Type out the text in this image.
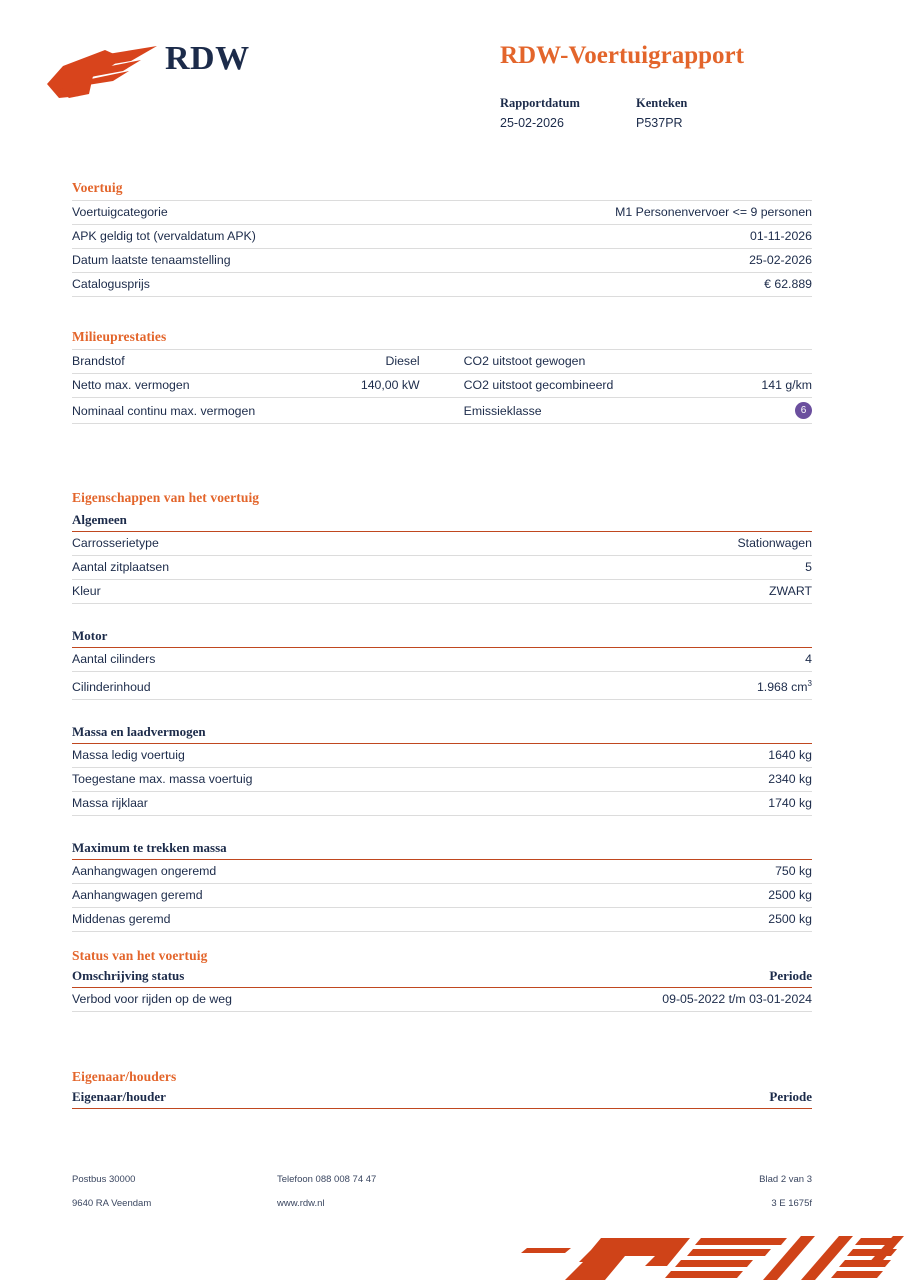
RDW	RDW-Voertuigrapport
Rapportdatum
25-02-2026
Kenteken
P537PR
Voertuig
Voertuigcategorie	M1 Personenvervoer <= 9 personen
APK geldig tot (vervaldatum APK)	01-11-2026
Datum laatste tenaamstelling	25-02-2026
Catalogusprijs	€ 62.889
Milieuprestaties
Brandstof	Diesel	CO2 uitstoot gewogen	
Netto max. vermogen	140,00 kW	CO2 uitstoot gecombineerd	141 g/km
Nominaal continu max. vermogen		Emissieklasse	6
Eigenschappen van het voertuig
Algemeen
Carrosserietype	Stationwagen
Aantal zitplaatsen	5
Kleur	ZWART
Motor
Aantal cilinders	4
Cilinderinhoud	1.968 $cm^3$
Massa en laadvermogen
Massa ledig voertuig	1640 kg
Toegestane max. massa voertuig	2340 kg
Massa rijklaar	1740 kg
Maximum te trekken massa
Aanhangwagen ongeremd	750 kg
Aanhangwagen geremd	2500 kg
Middenas geremd	2500 kg
Status van het voertuig
Omschrijving status	Periode
Verbod voor rijden op de weg	09-05-2022 t/m 03-01-2024
Eigenaar/houders
Eigenaar/houder	Periode
Postbus 30000	Telefoon 088 008 74 47	Blad 2 van 3
9640 RA Veendam	www.rdw.nl	3 E 1675f
